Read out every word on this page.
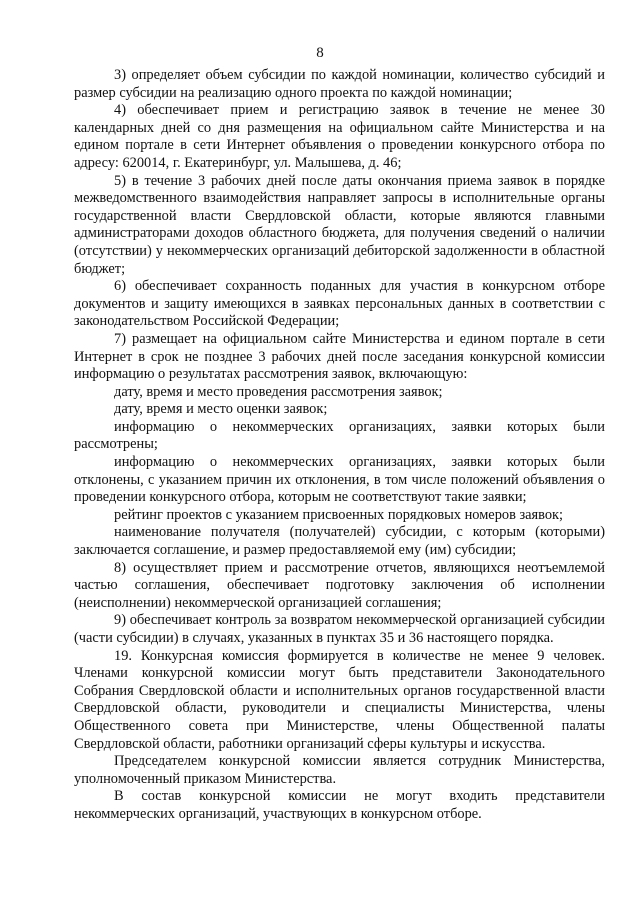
8

3) определяет объем субсидии по каждой номинации, количество субсидий и размер субсидии на реализацию одного проекта по каждой номинации;

4) обеспечивает прием и регистрацию заявок в течение не менее 30 календарных дней со дня размещения на официальном сайте Министерства и на едином портале в сети Интернет объявления о проведении конкурсного отбора по адресу: 620014, г. Екатеринбург, ул. Малышева, д. 46;

5) в течение 3 рабочих дней после даты окончания приема заявок в порядке межведомственного взаимодействия направляет запросы в исполнительные органы государственной власти Свердловской области, которые являются главными администраторами доходов областного бюджета, для получения сведений о наличии (отсутствии) у некоммерческих организаций дебиторской задолженности в областной бюджет;

6) обеспечивает сохранность поданных для участия в конкурсном отборе документов и защиту имеющихся в заявках персональных данных в соответствии с законодательством Российской Федерации;

7) размещает на официальном сайте Министерства и едином портале в сети Интернет в срок не позднее 3 рабочих дней после заседания конкурсной комиссии информацию о результатах рассмотрения заявок, включающую:

дату, время и место проведения рассмотрения заявок;

дату, время и место оценки заявок;

информацию о некоммерческих организациях, заявки которых были рассмотрены;

информацию о некоммерческих организациях, заявки которых были отклонены, с указанием причин их отклонения, в том числе положений объявления о проведении конкурсного отбора, которым не соответствуют такие заявки;

рейтинг проектов с указанием присвоенных порядковых номеров заявок;

наименование получателя (получателей) субсидии, с которым (которыми) заключается соглашение, и размер предоставляемой ему (им) субсидии;

8) осуществляет прием и рассмотрение отчетов, являющихся неотъемлемой частью соглашения, обеспечивает подготовку заключения об исполнении (неисполнении) некоммерческой организацией соглашения;

9) обеспечивает контроль за возвратом некоммерческой организацией субсидии (части субсидии) в случаях, указанных в пунктах 35 и 36 настоящего порядка.

19. Конкурсная комиссия формируется в количестве не менее 9 человек. Членами конкурсной комиссии могут быть представители Законодательного Собрания Свердловской области и исполнительных органов государственной власти Свердловской области, руководители и специалисты Министерства, члены Общественного совета при Министерстве, члены Общественной палаты Свердловской области, работники организаций сферы культуры и искусства.

Председателем конкурсной комиссии является сотрудник Министерства, уполномоченный приказом Министерства.

В состав конкурсной комиссии не могут входить представители некоммерческих организаций, участвующих в конкурсном отборе.
